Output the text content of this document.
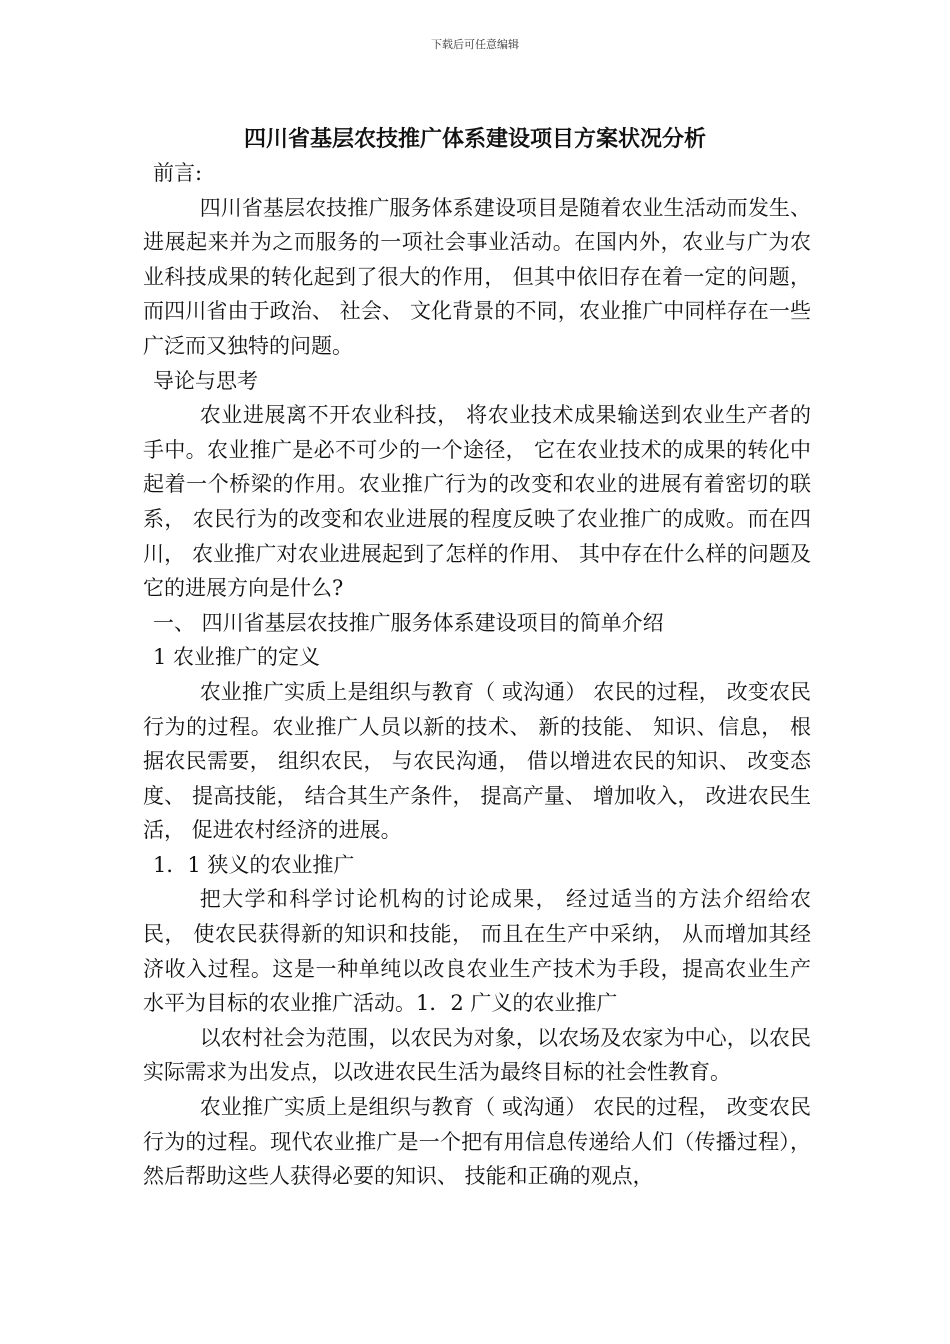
下载后可任意编辑
四川省基层农技推广体系建设项目方案状况分析

前言:

四川省基层农技推广服务体系建设项目是随着农业生活动而发生、 进展起来并为之而服务的一项社会事业活动。在国内外，农业与广为农业科技成果的转化起到了很大的作用， 但其中依旧存在着一定的问题， 而四川省由于政治、 社会、 文化背景的不同，农业推广中同样存在一些广泛而又独特的问题。

导论与思考

农业进展离不开农业科技， 将农业技术成果输送到农业生产者的手中。农业推广是必不可少的一个途径， 它在农业技术的成果的转化中起着一个桥梁的作用。农业推广行为的改变和农业的进展有着密切的联系， 农民行为的改变和农业进展的程度反映了农业推广的成败。而在四川， 农业推广对农业进展起到了怎样的作用、 其中存在什么样的问题及它的进展方向是什么?

一、 四川省基层农技推广服务体系建设项目的简单介绍

1 农业推广的定义

农业推广实质上是组织与教育（ 或沟通） 农民的过程， 改变农民行为的过程。农业推广人员以新的技术、 新的技能、 知识、信息， 根据农民需要， 组织农民， 与农民沟通， 借以增进农民的知识、 改变态度、 提高技能， 结合其生产条件， 提高产量、 增加收入， 改进农民生活， 促进农村经济的进展。

1．1 狭义的农业推广

把大学和科学讨论机构的讨论成果， 经过适当的方法介绍给农民， 使农民获得新的知识和技能， 而且在生产中采纳， 从而增加其经济收入过程。这是一种单纯以改良农业生产技术为手段，提高农业生产水平为目标的农业推广活动。1．2 广义的农业推广

以农村社会为范围，以农民为对象，以农场及农家为中心，以农民实际需求为出发点，以改进农民生活为最终目标的社会性教育。

农业推广实质上是组织与教育（ 或沟通） 农民的过程， 改变农民行为的过程。现代农业推广是一个把有用信息传递给人们（传播过程）， 然后帮助这些人获得必要的知识、 技能和正确的观点，
